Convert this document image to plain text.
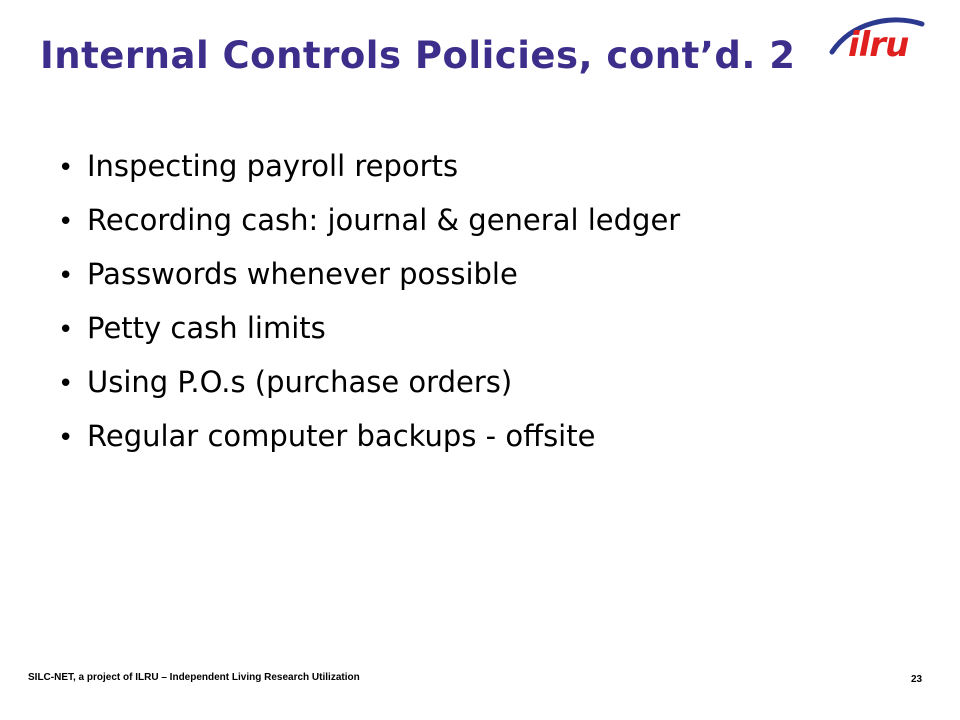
Internal Controls Policies, cont’d. 2 ilru
• Inspecting payroll reports
• Recording cash: journal & general ledger
• Passwords whenever possible
• Petty cash limits
• Using P.O.s (purchase orders)
• Regular computer backups - offsite
SILC-NET, a project of ILRU – Independent Living Research Utilization	23
